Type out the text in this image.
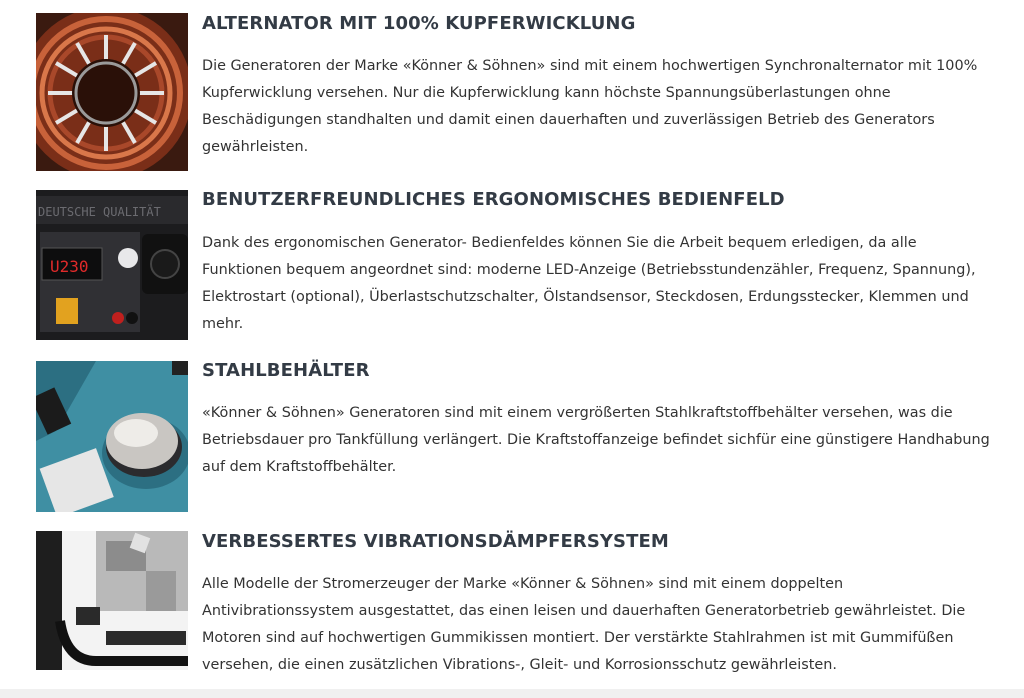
ALTERNATOR MIT 100% KUPFERWICKLUNG

Die Generatoren der Marke «Könner & Söhnen» sind mit einem hochwertigen Synchronalternator mit 100% Kupferwicklung versehen. Nur die Kupferwicklung kann höchste Spannungsüberlastungen ohne Beschädigungen standhalten und damit einen dauerhaften und zuverlässigen Betrieb des Generators gewährleisten.

DEUTSCHE QUALITÄT
U230
BENUTZERFREUNDLICHES ERGONOMISCHES BEDIENFELD

Dank des ergonomischen Generator- Bedienfeldes können Sie die Arbeit bequem erledigen, da alle Funktionen bequem angeordnet sind: moderne LED-Anzeige (Betriebsstundenzähler, Frequenz, Spannung), Elektrostart (optional), Überlastschutzschalter, Ölstandsensor, Steckdosen, Erdungsstecker, Klemmen und mehr.

STAHLBEHÄLTER

«Könner & Söhnen» Generatoren sind mit einem vergrößerten Stahlkraftstoffbehälter versehen, was die Betriebsdauer pro Tankfüllung verlängert. Die Kraftstoffanzeige befindet sichfür eine günstigere Handhabung auf dem Kraftstoffbehälter.

VERBESSERTES VIBRATIONSDÄMPFERSYSTEM

Alle Modelle der Stromerzeuger der Marke «Könner & Söhnen» sind mit einem doppelten Antivibrationssystem ausgestattet, das einen leisen und dauerhaften Generatorbetrieb gewährleistet. Die Motoren sind auf hochwertigen Gummikissen montiert. Der verstärkte Stahlrahmen ist mit Gummifüßen versehen, die einen zusätzlichen Vibrations-, Gleit- und Korrosionsschutz gewährleisten.
